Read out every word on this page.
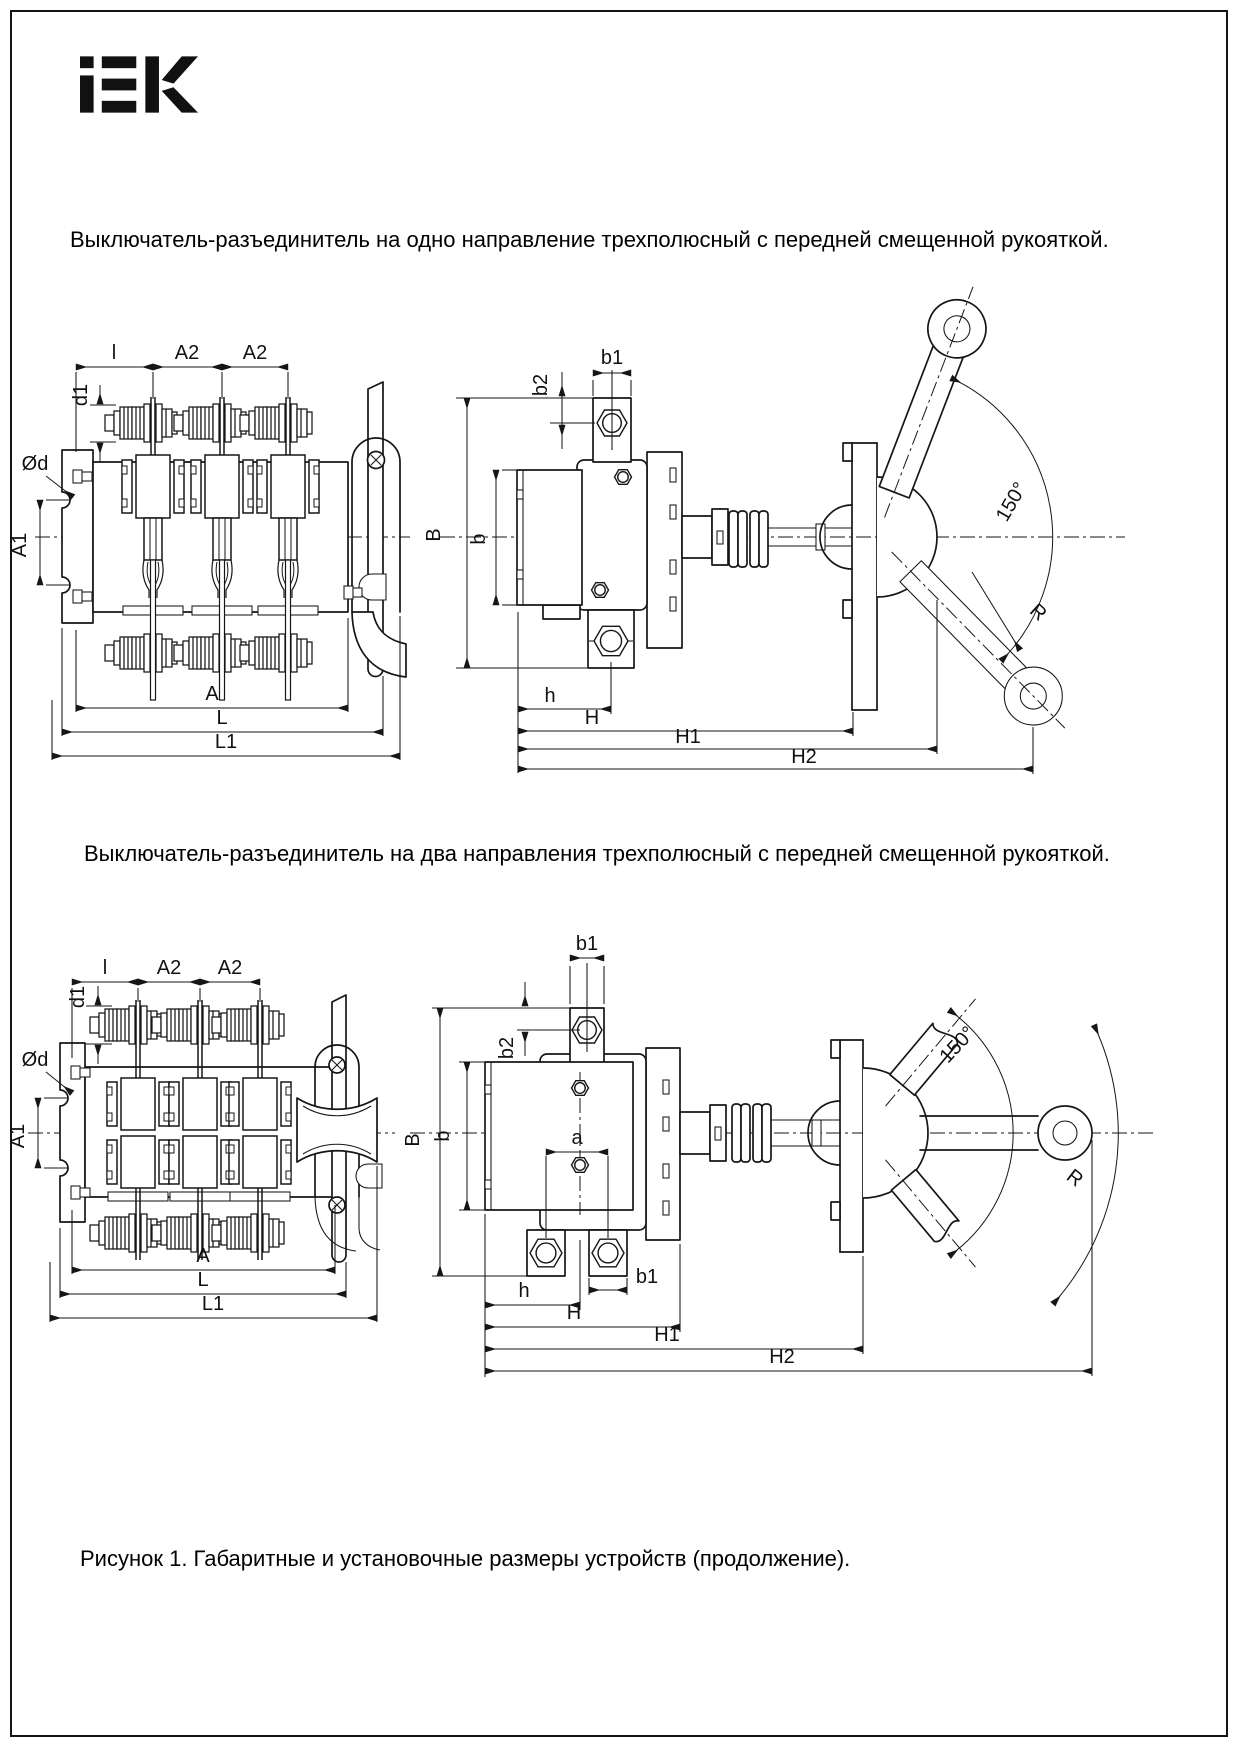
Выключатель-разъединитель на одно направление трехполюсный с передней смещенной рукояткой.
l	A2 A2
d1
Ød
A1
A
L
L1
150°
R
b1
b2
B b
h
H
H1
H2
Выключатель-разъединитель на два направления трехполюсный с передней смещенной рукояткой.
l A2 A2
d1
Ød
A1
A
L
L1
150°
R
b1
b2
B b	a
b1
h
H
H1
H2
Рисунок 1. Габаритные и установочные размеры устройств (продолжение).
